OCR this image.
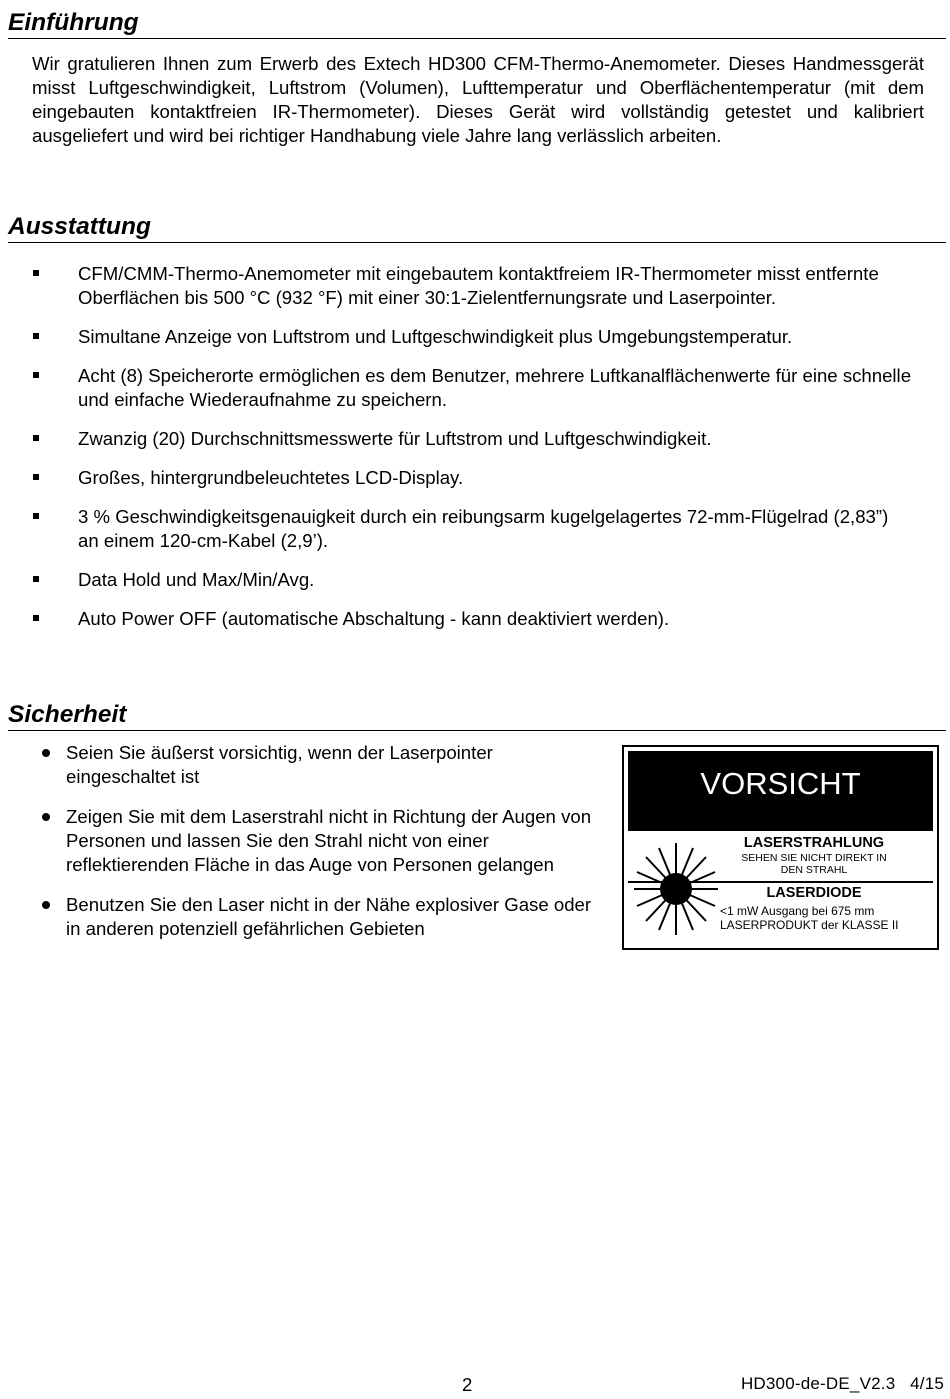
Einführung

Wir gratulieren Ihnen zum Erwerb des Extech HD300 CFM-Thermo-Anemometer. Dieses Handmessgerät misst Luftgeschwindigkeit, Luftstrom (Volumen), Lufttemperatur und Oberflächentemperatur (mit dem eingebauten kontaktfreien IR-Thermometer). Dieses Gerät wird vollständig getestet und kalibriert ausgeliefert und wird bei richtiger Handhabung viele Jahre lang verlässlich arbeiten.

Ausstattung
CFM/CMM-Thermo-Anemometer mit eingebautem kontaktfreiem IR-Thermometer misst entfernte Oberflächen bis 500 °C (932 °F) mit einer 30:1-Zielentfernungsrate und Laserpointer.
Simultane Anzeige von Luftstrom und Luftgeschwindigkeit plus Umgebungstemperatur.
Acht (8) Speicherorte ermöglichen es dem Benutzer, mehrere Luftkanalflächenwerte für eine schnelle und einfache Wiederaufnahme zu speichern.
Zwanzig (20) Durchschnittsmesswerte für Luftstrom und Luftgeschwindigkeit.
Großes, hintergrundbeleuchtetes LCD-Display.
3 % Geschwindigkeitsgenauigkeit durch ein reibungsarm kugelgelagertes 72-mm-Flügelrad (2,83”) an einem 120-cm-Kabel (2,9’).
Data Hold und Max/Min/Avg.
Auto Power OFF (automatische Abschaltung - kann deaktiviert werden).
Sicherheit
Seien Sie äußerst vorsichtig, wenn der Laserpointer eingeschaltet ist
Zeigen Sie mit dem Laserstrahl nicht in Richtung der Augen von Personen und lassen Sie den Strahl nicht von einer reflektierenden Fläche in das Auge von Personen gelangen
Benutzen Sie den Laser nicht in der Nähe explosiver Gase oder in anderen potenziell gefährlichen Gebieten
VORSICHT
LASERSTRAHLUNG
SEHEN SIE NICHT DIREKT IN DEN STRAHL
LASERDIODE
<1 mW Ausgang bei 675 mm
LASERPRODUKT der KLASSE II
2	HD300-de-DE_V2.3   4/15
